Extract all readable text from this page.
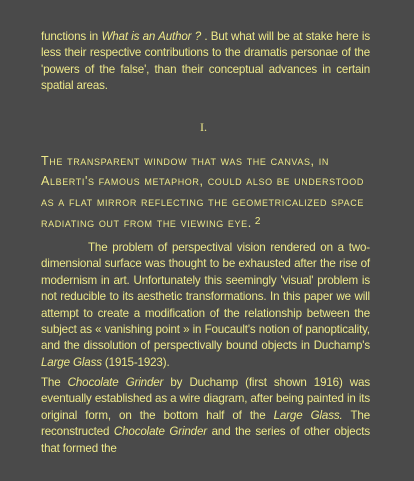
functions in What is an Author ? . But what will be at stake here is less their respective contributions to the dramatis personae of the 'powers of the false', than their conceptual advances in certain spatial areas.

I.

The transparent window that was the canvas, in Alberti's famous metaphor, could also be understood as a flat mirror reflecting the geometricalized space radiating out from the viewing eye. $^2$

The problem of perspectival vision rendered on a two-dimensional surface was thought to be exhausted after the rise of modernism in art. Unfortunately this seemingly 'visual' problem is not reducible to its aesthetic transformations. In this paper we will attempt to create a modification of the relationship between the subject as « vanishing point » in Foucault's notion of panopticality, and the dissolution of perspectivally bound objects in Duchamp's Large Glass (1915-1923).

The Chocolate Grinder by Duchamp (first shown 1916) was eventually established as a wire diagram, after being painted in its original form, on the bottom half of the Large Glass. The reconstructed Chocolate Grinder and the series of other objects that formed the
